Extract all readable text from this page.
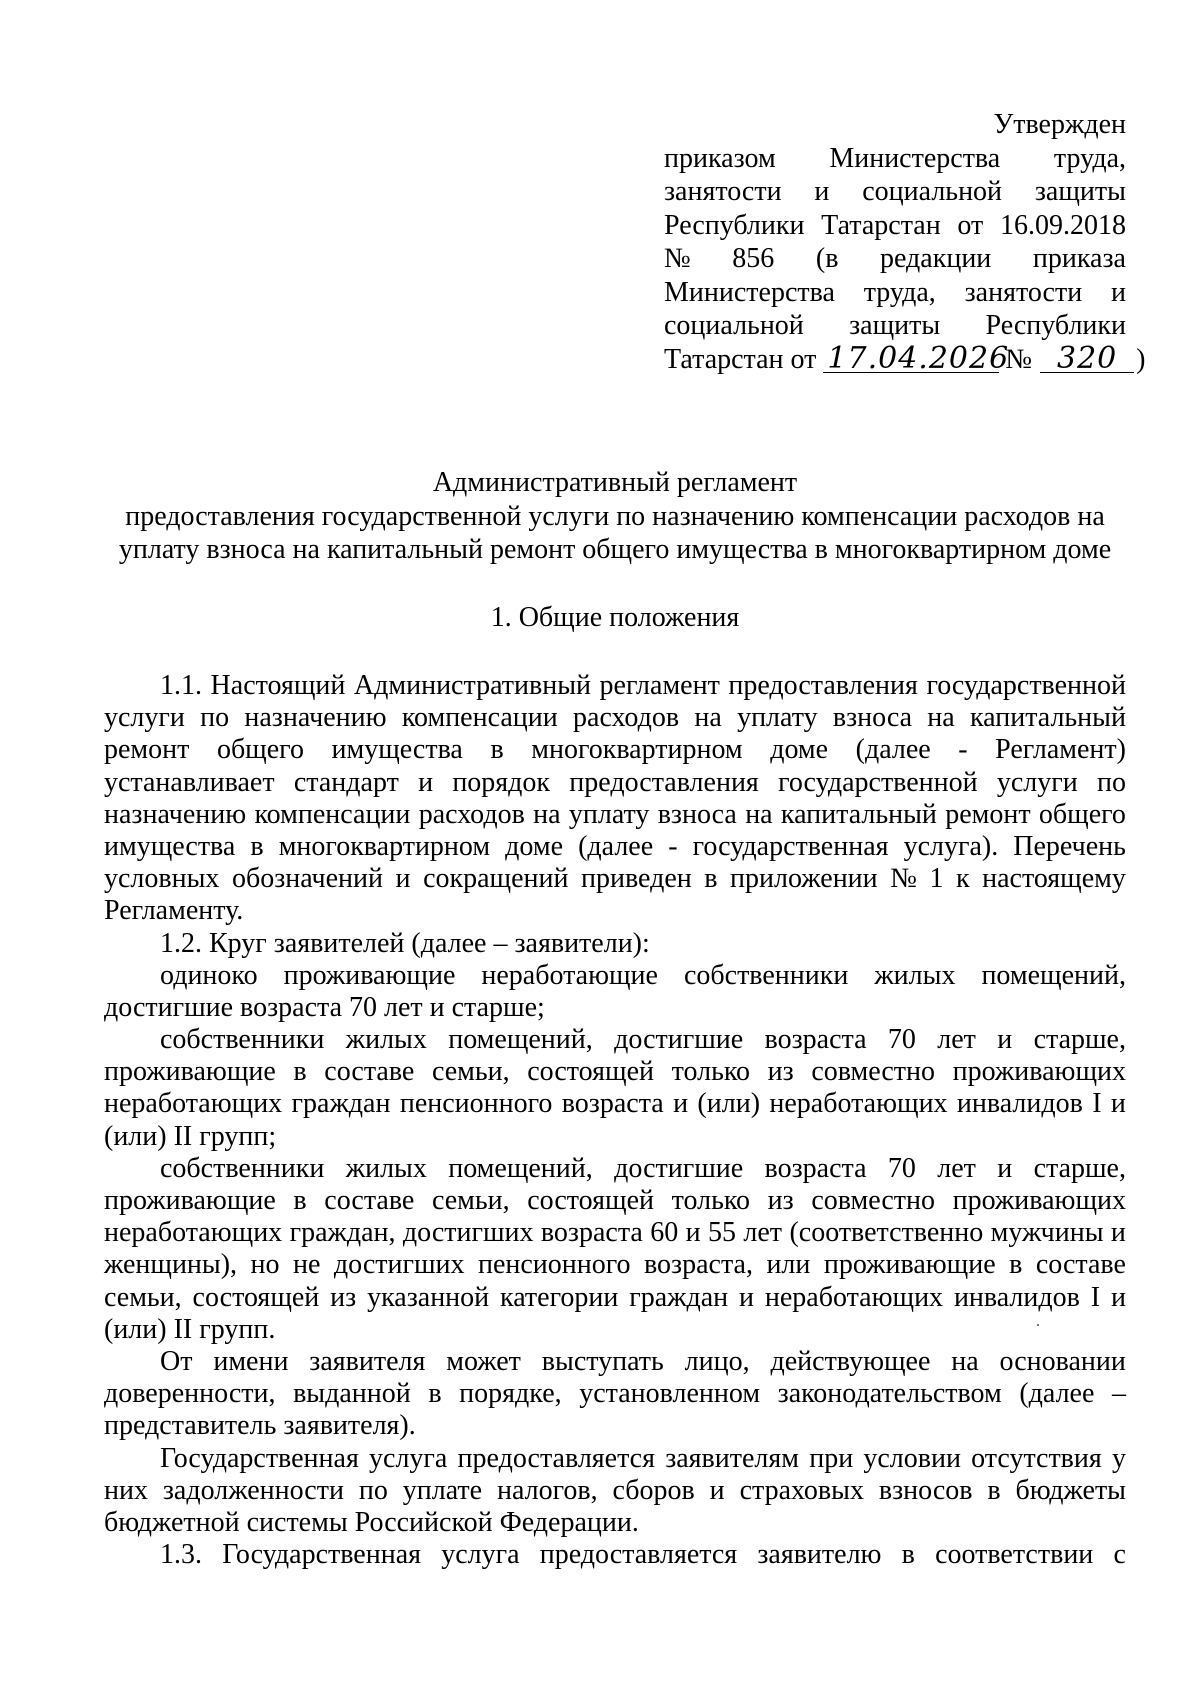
Утвержден
приказом Министерства труда,
занятости и социальной защиты
Республики Татарстан от 16.09.2018
№ 856 (в редакции приказа
Министерства труда, занятости и
социальной защиты Республики
Татарстан от 17.04.2026№ 320 )
Административный регламент
предоставления государственной услуги по назначению компенсации расходов на
уплату взноса на капитальный ремонт общего имущества в многоквартирном доме
1. Общие положения
1.1. Настоящий Административный регламент предоставления государственной
услуги по назначению компенсации расходов на уплату взноса на капитальный
ремонт общего имущества в многоквартирном доме (далее - Регламент)
устанавливает стандарт и порядок предоставления государственной услуги по
назначению компенсации расходов на уплату взноса на капитальный ремонт общего
имущества в многоквартирном доме (далее - государственная услуга). Перечень
условных обозначений и сокращений приведен в приложении № 1 к настоящему
Регламенту.
1.2. Круг заявителей (далее – заявители):
одиноко проживающие неработающие собственники жилых помещений,
достигшие возраста 70 лет и старше;
собственники жилых помещений, достигшие возраста 70 лет и старше,
проживающие в составе семьи, состоящей только из совместно проживающих
неработающих граждан пенсионного возраста и (или) неработающих инвалидов I и
(или) II групп;
собственники жилых помещений, достигшие возраста 70 лет и старше,
проживающие в составе семьи, состоящей только из совместно проживающих
неработающих граждан, достигших возраста 60 и 55 лет (соответственно мужчины и
женщины), но не достигших пенсионного возраста, или проживающие в составе
семьи, состоящей из указанной категории граждан и неработающих инвалидов I и
(или) II групп.
От имени заявителя может выступать лицо, действующее на основании
доверенности, выданной в порядке, установленном законодательством (далее –
представитель заявителя).
Государственная услуга предоставляется заявителям при условии отсутствия у
них задолженности по уплате налогов, сборов и страховых взносов в бюджеты
бюджетной системы Российской Федерации.
1.3. Государственная услуга предоставляется заявителю в соответствии с
